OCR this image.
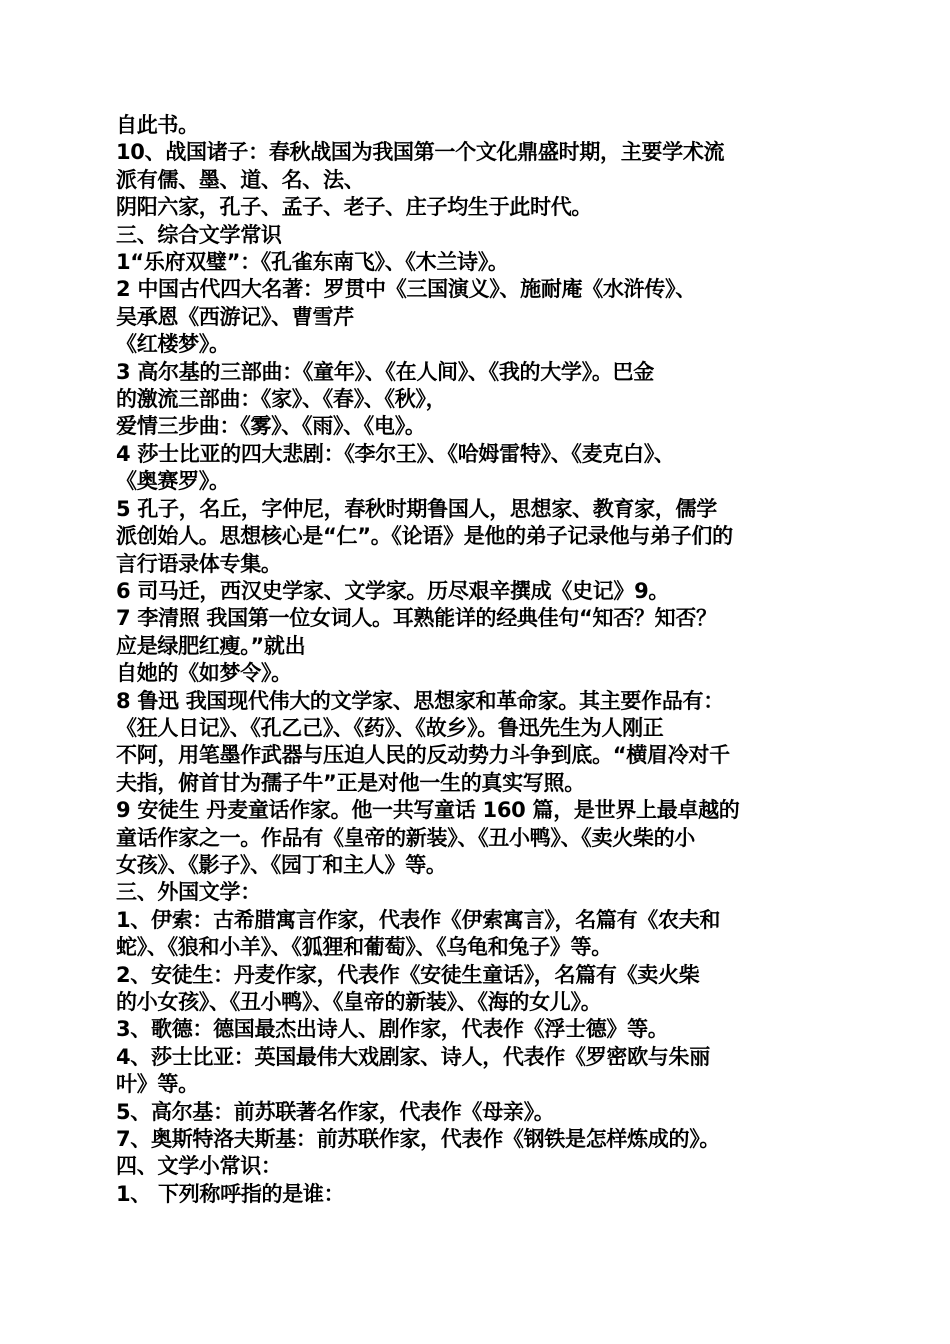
自此书。
10、战国诸子：春秋战国为我国第一个文化鼎盛时期，主要学术流
派有儒、墨、道、名、法、
阴阳六家，孔子、孟子、老子、庄子均生于此时代。
三、综合文学常识
1“乐府双璧”：《孔雀东南飞》、《木兰诗》。
2 中国古代四大名著：罗贯中《三国演义》、施耐庵《水浒传》、
吴承恩《西游记》、曹雪芹
《红楼梦》。
3 高尔基的三部曲：《童年》、《在人间》、《我的大学》。巴金
的激流三部曲：《家》、《春》、《秋》，
爱情三步曲：《雾》、《雨》、《电》。
4 莎士比亚的四大悲剧：《李尔王》、《哈姆雷特》、《麦克白》、
《奥赛罗》。
5 孔子，名丘，字仲尼，春秋时期鲁国人，思想家、教育家，儒学
派创始人。思想核心是“仁”。《论语》是他的弟子记录他与弟子们的
言行语录体专集。
6 司马迁，西汉史学家、文学家。历尽艰辛撰成《史记》9。
7 李清照 我国第一位女词人。耳熟能详的经典佳句“知否？知否？
应是绿肥红瘦。”就出
自她的《如梦令》。
8 鲁迅 我国现代伟大的文学家、思想家和革命家。其主要作品有：
《狂人日记》、《孔乙己》、《药》、《故乡》。鲁迅先生为人刚正
不阿，用笔墨作武器与压迫人民的反动势力斗争到底。“横眉冷对千
夫指，俯首甘为孺子牛”正是对他一生的真实写照。
9 安徒生 丹麦童话作家。他一共写童话 160 篇，是世界上最卓越的
童话作家之一。作品有《皇帝的新装》、《丑小鸭》、《卖火柴的小
女孩》、《影子》、《园丁和主人》等。
三、外国文学：
1、伊索：古希腊寓言作家，代表作《伊索寓言》，名篇有《农夫和
蛇》、《狼和小羊》、《狐狸和葡萄》、《乌龟和兔子》等。
2、安徒生：丹麦作家，代表作《安徒生童话》，名篇有《卖火柴
的小女孩》、《丑小鸭》、《皇帝的新装》、《海的女儿》。
3、歌德：德国最杰出诗人、剧作家，代表作《浮士德》等。
4、莎士比亚：英国最伟大戏剧家、诗人，代表作《罗密欧与朱丽
叶》等。
5、高尔基：前苏联著名作家，代表作《母亲》。
7、奥斯特洛夫斯基：前苏联作家，代表作《钢铁是怎样炼成的》。
四、文学小常识：
1、 下列称呼指的是谁：
